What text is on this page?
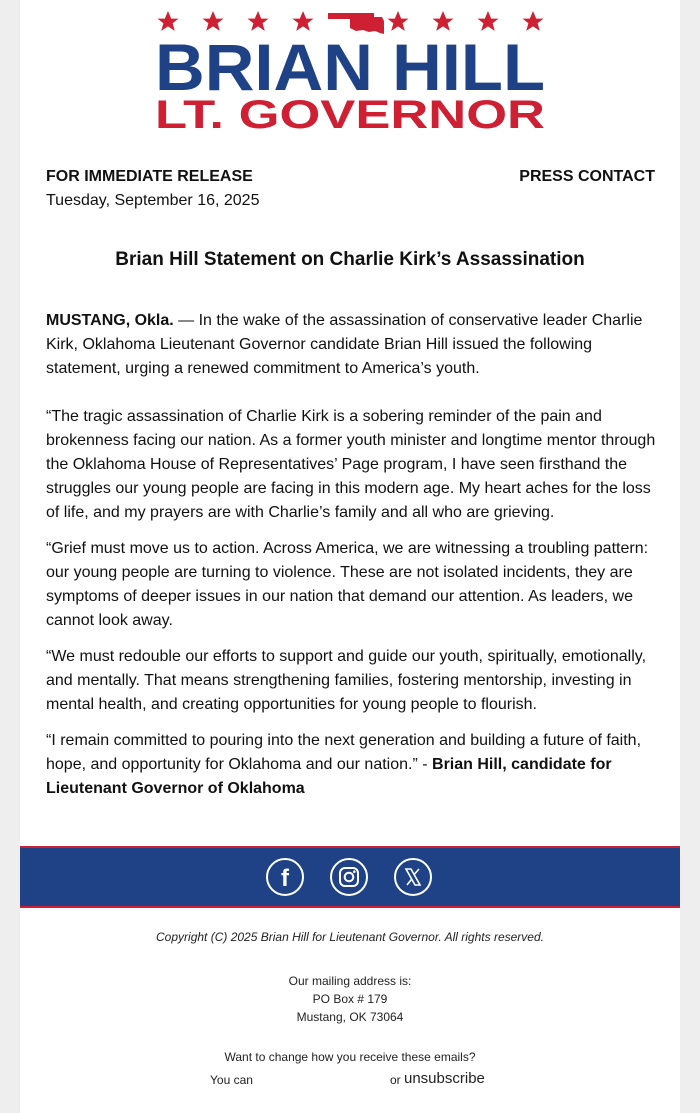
BRIAN HILL
LT. GOVERNOR
FOR IMMEDIATE RELEASE	PRESS CONTACT
Tuesday, September 16, 2025
Brian Hill Statement on Charlie Kirk’s Assassination

MUSTANG, Okla. — In the wake of the assassination of conservative leader Charlie Kirk, Oklahoma Lieutenant Governor candidate Brian Hill issued the following statement, urging a renewed commitment to America’s youth.

“The tragic assassination of Charlie Kirk is a sobering reminder of the pain and brokenness facing our nation. As a former youth minister and longtime mentor through the Oklahoma House of Representatives’ Page program, I have seen firsthand the struggles our young people are facing in this modern age. My heart aches for the loss of life, and my prayers are with Charlie’s family and all who are grieving.

“Grief must move us to action. Across America, we are witnessing a troubling pattern: our young people are turning to violence. These are not isolated incidents, they are symptoms of deeper issues in our nation that demand our attention. As leaders, we cannot look away.

“We must redouble our efforts to support and guide our youth, spiritually, emotionally, and mentally. That means strengthening families, fostering mentorship, investing in mental health, and creating opportunities for young people to flourish.

“I remain committed to pouring into the next generation and building a future of faith, hope, and opportunity for Oklahoma and our nation.” - Brian Hill, candidate for Lieutenant Governor of Oklahoma

f
Copyright (C) 2025 Brian Hill for Lieutenant Governor. All rights reserved.
Our mailing address is:
PO Box # 179
Mustang, OK 73064
Want to change how you receive these emails?
You can	or unsubscribe
